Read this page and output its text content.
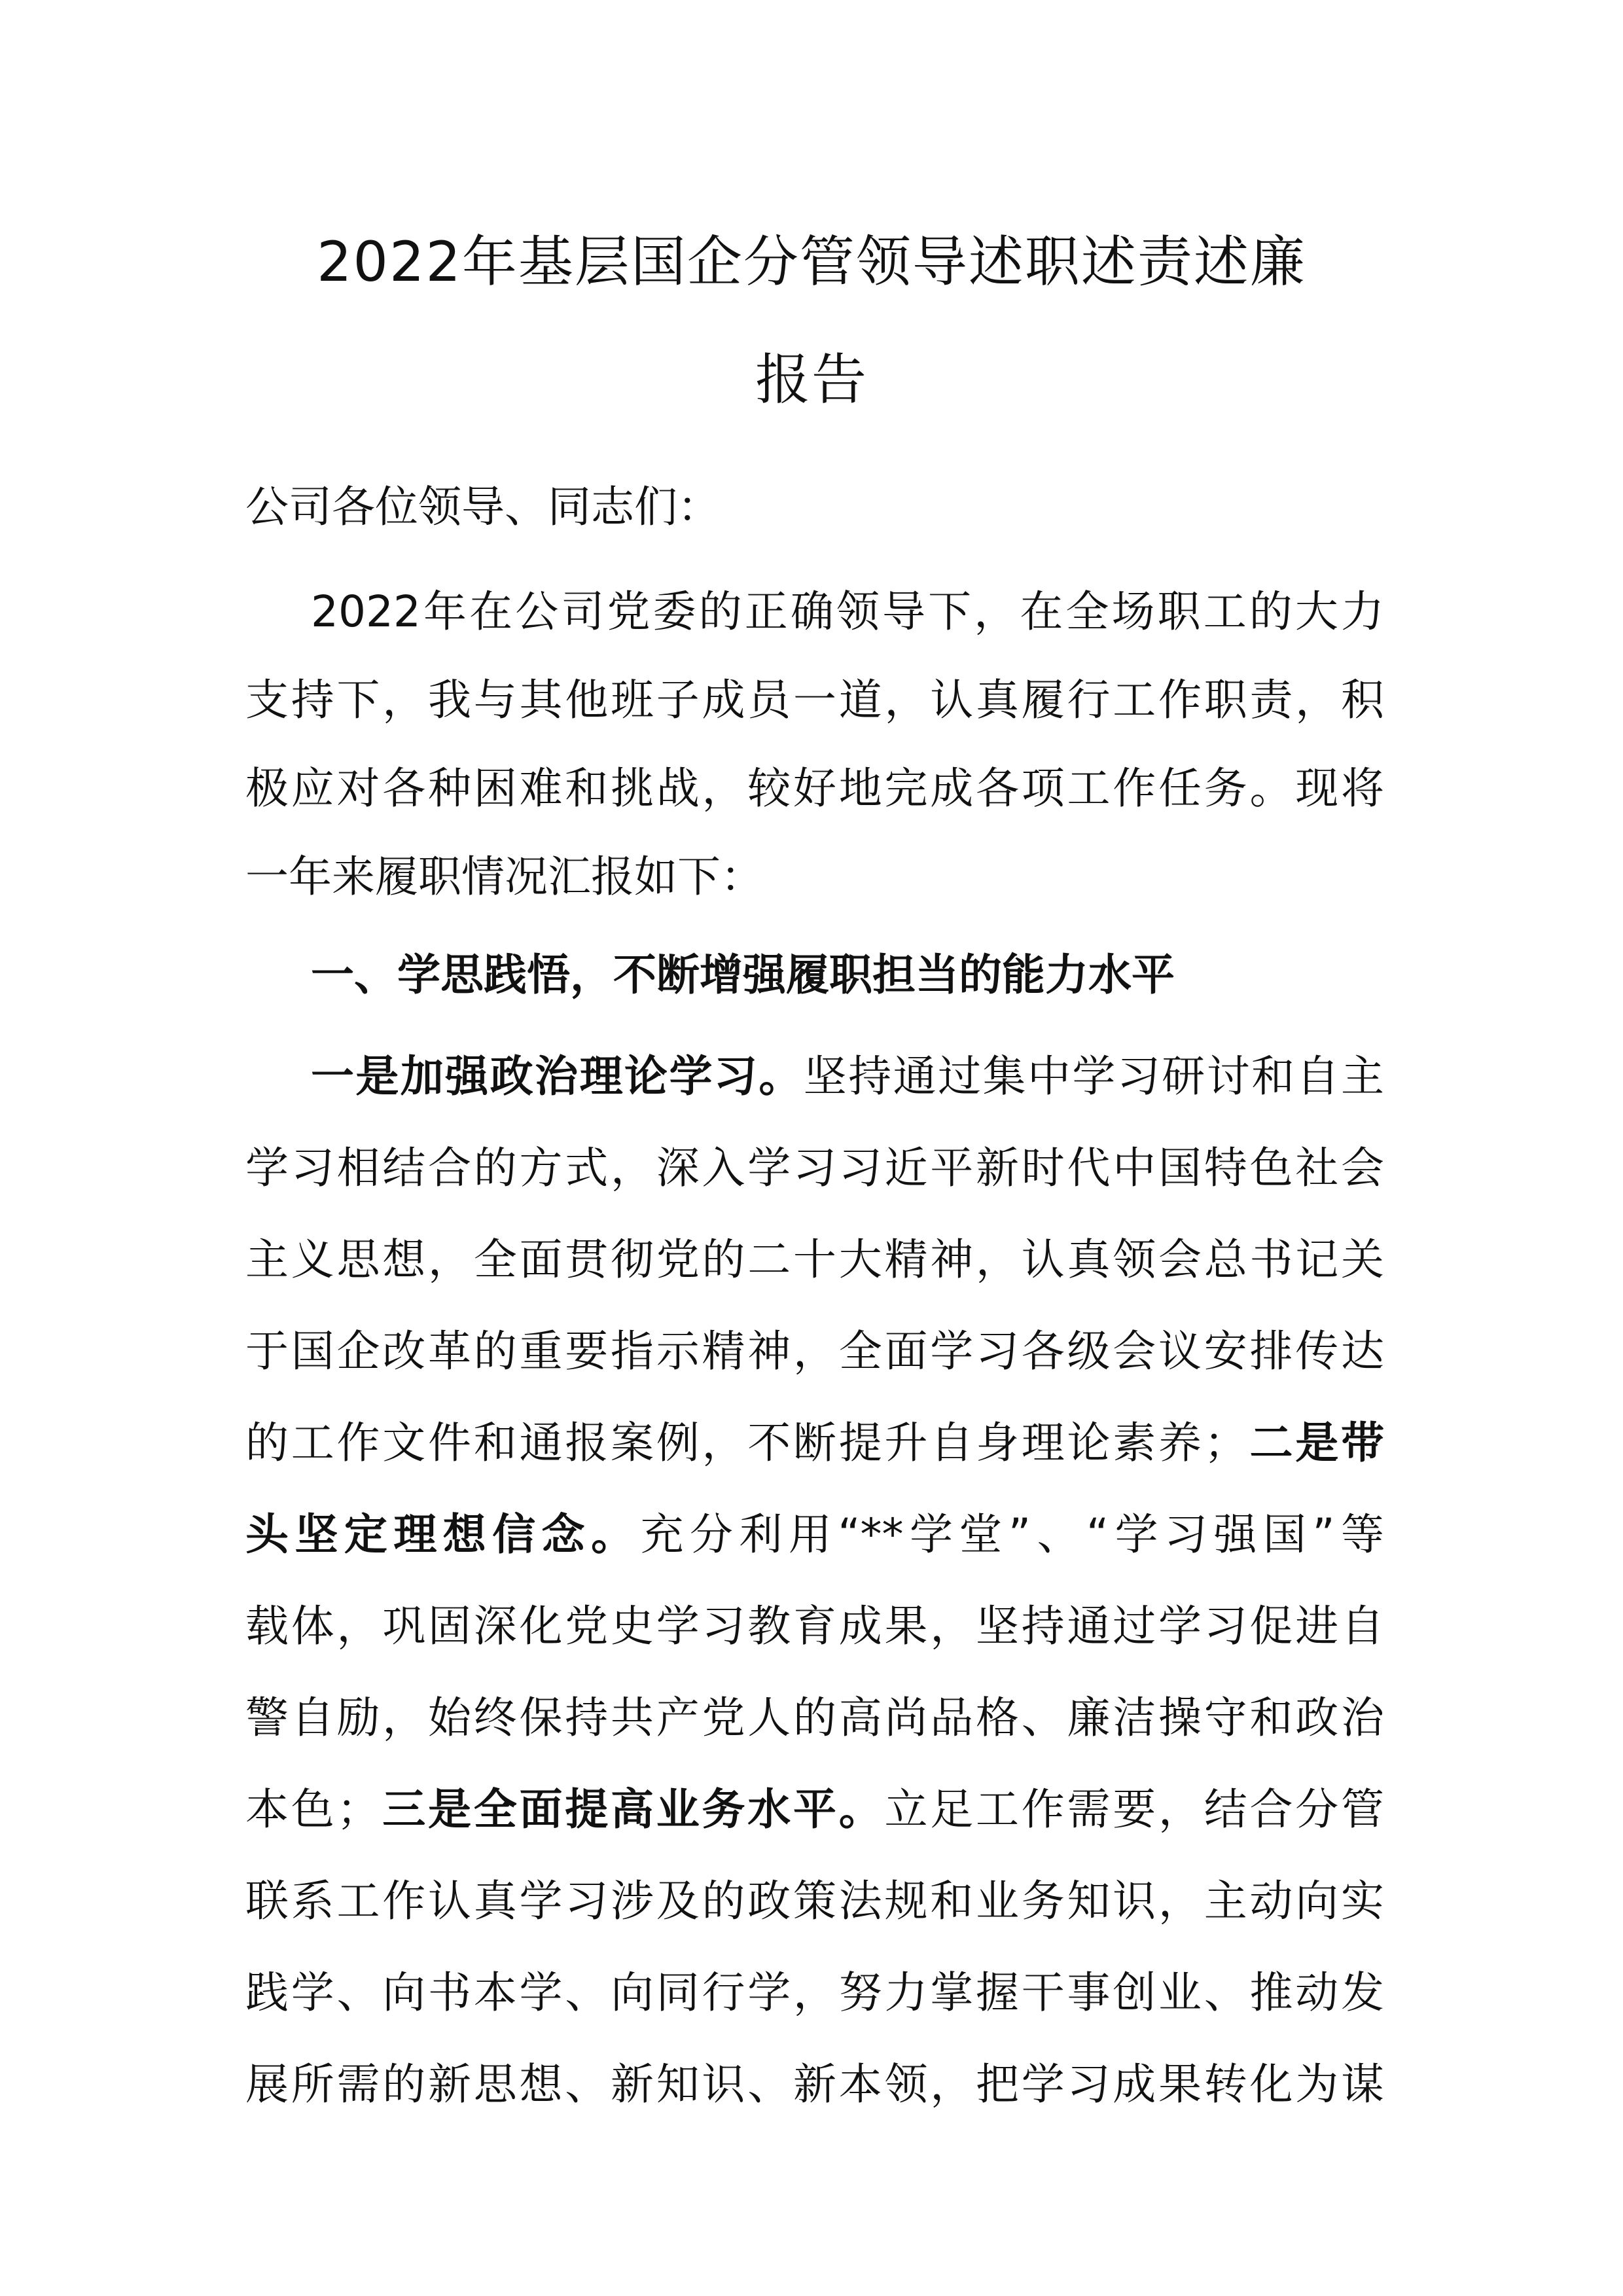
2022年基层国企分管领导述职述责述廉
报告
公司各位领导、同志们：
2022年在公司党委的正确领导下，在全场职工的大力
支持下，我与其他班子成员一道，认真履行工作职责，积
极应对各种困难和挑战，较好地完成各项工作任务。现将
一年来履职情况汇报如下：
一、学思践悟，不断增强履职担当的能力水平
一是加强政治理论学习。坚持通过集中学习研讨和自主
学习相结合的方式，深入学习习近平新时代中国特色社会
主义思想，全面贯彻党的二十大精神，认真领会总书记关
于国企改革的重要指示精神，全面学习各级会议安排传达
的工作文件和通报案例，不断提升自身理论素养；二是带
头坚定理想信念。充分利用“**学堂”、“学习强国”等
载体，巩固深化党史学习教育成果，坚持通过学习促进自
警自励，始终保持共产党人的高尚品格、廉洁操守和政治
本色；三是全面提高业务水平。立足工作需要，结合分管
联系工作认真学习涉及的政策法规和业务知识，主动向实
践学、向书本学、向同行学，努力掌握干事创业、推动发
展所需的新思想、新知识、新本领，把学习成果转化为谋
